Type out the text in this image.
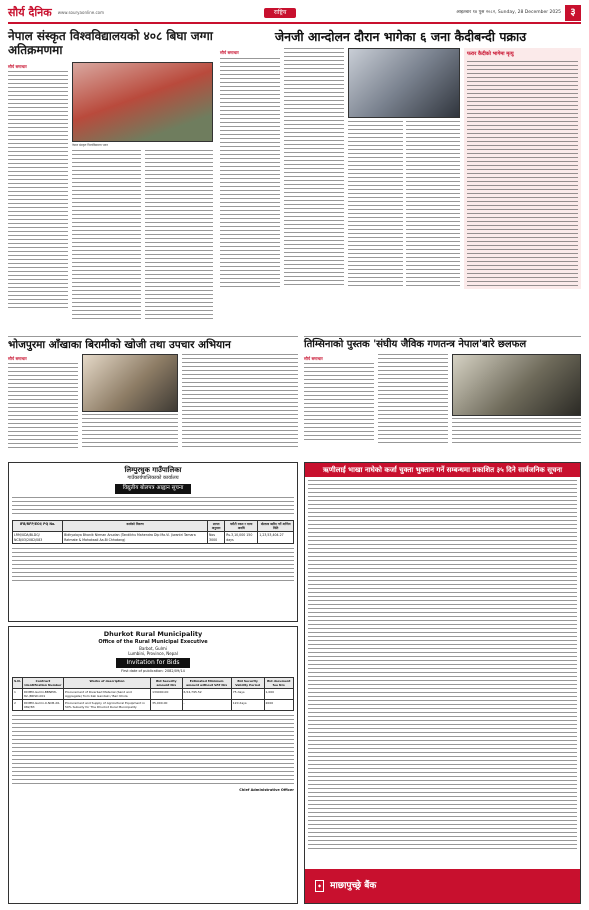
सौर्य दैनिक www.souryaonline.com	राष्ट्रिय	आइतबार १४ पुस २०८२, Sunday, 28 December 2025 ३
नेपाल संस्कृत विश्वविद्यालयको ४०८ बिघा जग्गा अतिक्रमणमा
सौर्य समाचार
नेपाल संस्कृत विश्वविद्यालय भवन
जेनजी आन्दोलन दौरान भागेका ६ जना कैदीबन्दी पक्राउ
सौर्य समाचार	फरार कैदीको भागेमा मृत्यु
भोजपुरमा आँखाका बिरामीको खोजी तथा उपचार अभियान
सौर्य समाचार
तिम्सिनाको पुस्तक 'संघीय जैविक गणतन्त्र नेपाल'बारे छलफल
सौर्य समाचार
लिम्पुरधुक गाउँपालिका
गाउँकार्यपालिकाको कार्यालय
विद्युतीय बोलपत्र आह्वान सूचना
IFB/RFP/EOI/ PQ No.	कार्यको विवरण	लागत अनुमान	धरौटी रकम र मान्य अवधि	बोलपत्र खरिद गर्ने अन्तिम मिति
LRM/UDA/BLDG/ NCB/03/2082/083	Bidhyalaya Bhonik Nirman Anudan (Tandikhu Mahendra Dip Ma.Vi. Jiwantri Tamara Ratmate & Mahakaali Aa.Bi Chhatang)	Nos 3000	Rs.3,10,000 150 days	1,23,53,404.27
Dhurkot Rural Municipality
Office of the Rural Municipal Executive
Barbot, Gulmi
Lumbini, Province, Nepal
Invitation for Bids
First date of publication: 2082/09/14
S.N.	Contract Identification Number	Works of description	Bid Security amount Nrs	Estimated Minimum amount without VAT Nrs	Bid Security Validity Period	Bid document fee Nrs
1	DDMM-Gulmi-BBNEW-82-/BDSD-001	Procurement of Riverbed Material (Sand and Aggregate) from Kali Gandaki / Bari Khola	139000.00	6,54,795.52	75 days	1,000
2	DDMM-Gulmi-0-NCB-26-082/83	Procurement and Supply of Agricultural Equipment in 50% Subsidy for The Dhurkot Rural Municipality	35,000.00	-	120 days	2000
Chief Administrative Officer
ऋणीलाई भाखा नाघेको कर्जा चुक्ता भुक्तान गर्ने सम्बन्धमा प्रकाशित ३५ दिने सार्वजनिक सूचना
◆	माछापुच्छ्रे बैंक
